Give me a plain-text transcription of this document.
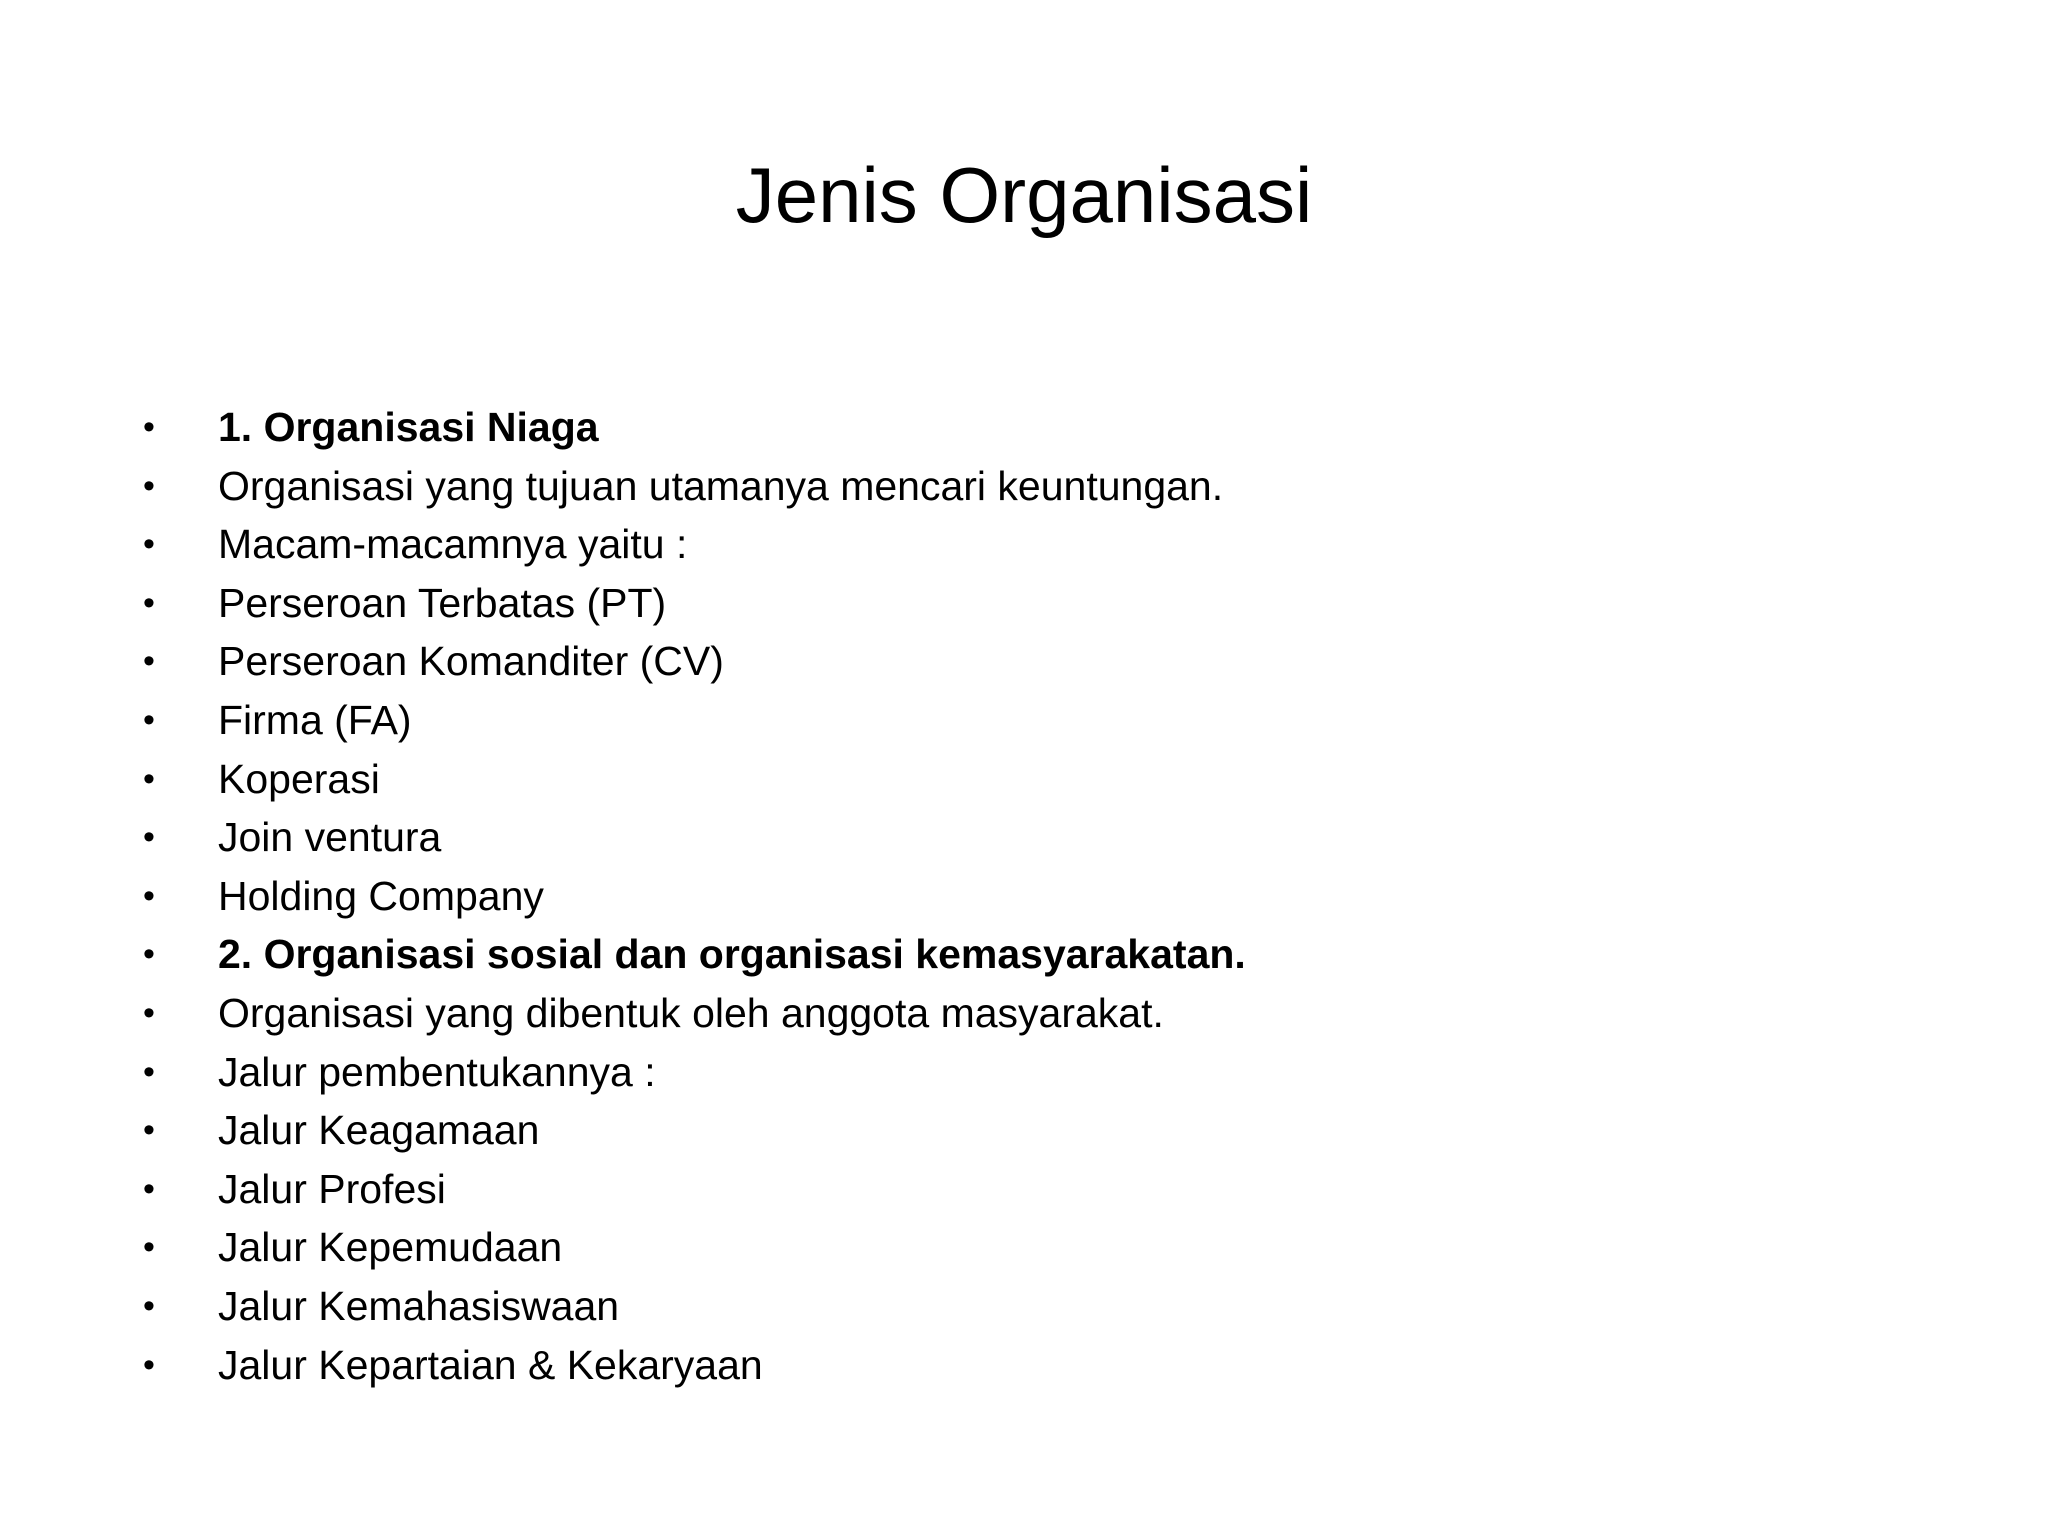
Jenis Organisasi
•	1. Organisasi Niaga
•	Organisasi yang tujuan utamanya mencari keuntungan.
•	Macam-macamnya yaitu :
•	Perseroan Terbatas (PT)
•	Perseroan Komanditer (CV)
•	Firma (FA)
•	Koperasi
•	Join ventura
•	Holding Company
•	2. Organisasi sosial dan organisasi kemasyarakatan.
•	Organisasi yang dibentuk oleh anggota masyarakat.
•	Jalur pembentukannya :
•	Jalur Keagamaan
•	Jalur Profesi
•	Jalur Kepemudaan
•	Jalur Kemahasiswaan
•	Jalur Kepartaian & Kekaryaan
